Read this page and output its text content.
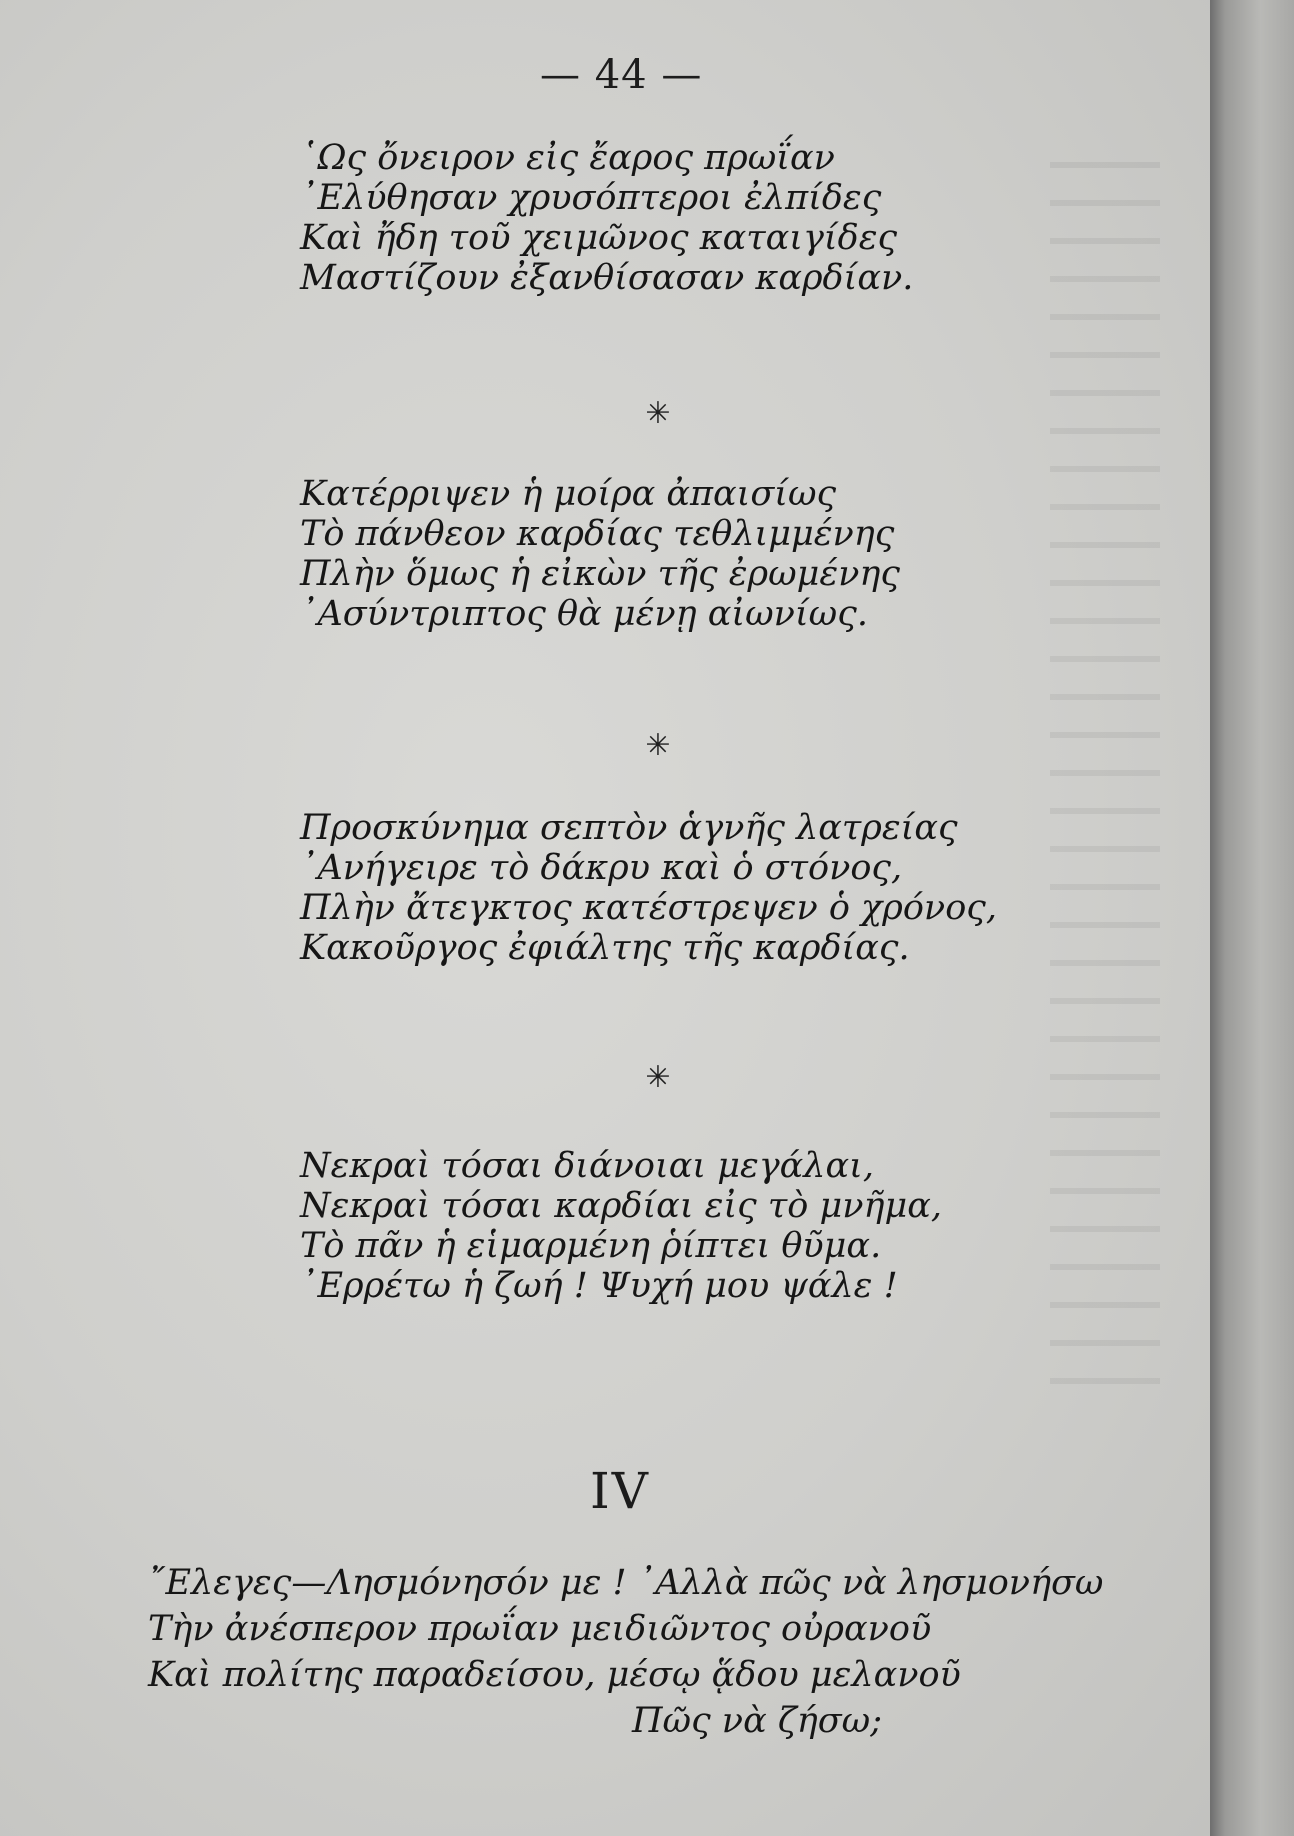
— 44 —
῾Ως ὄνειρον εἰς ἔαρος πρωΐαν
᾿Ελύθησαν χρυσόπτεροι ἐλπίδες
Καὶ ἤδη τοῦ χειμῶνος καταιγίδες
Μαστίζουν ἐξανθίσασαν καρδίαν.
✳
Κατέρριψεν ἡ μοίρα ἀπαισίως
Τὸ πάνθεον καρδίας τεθλιμμένης
Πλὴν ὅμως ἡ εἰκὼν τῆς ἐρωμένης
᾿Ασύντριπτος θὰ μένῃ αἰωνίως.
✳
Προσκύνημα σεπτὸν ἁγνῆς λατρείας
᾿Ανήγειρε τὸ δάκρυ καὶ ὁ στόνος,
Πλὴν ἄτεγκτος κατέστρεψεν ὁ χρόνος,
Κακοῦργος ἐφιάλτης τῆς καρδίας.
✳
Νεκραὶ τόσαι διάνοιαι μεγάλαι,
Νεκραὶ τόσαι καρδίαι εἰς τὸ μνῆμα,
Τὸ πᾶν ἡ εἱμαρμένη ῥίπτει θῦμα.
᾿Ερρέτω ἡ ζωή ! Ψυχή μου ψάλε !
IV
῎Ελεγες—Λησμόνησόν με ! ᾿Αλλὰ πῶς νὰ λησμονήσω
Τὴν ἀνέσπερον πρωΐαν μειδιῶντος οὐρανοῦ
Καὶ πολίτης παραδείσου, μέσῳ ᾅδου μελανοῦ
Πῶς νὰ ζήσω;
